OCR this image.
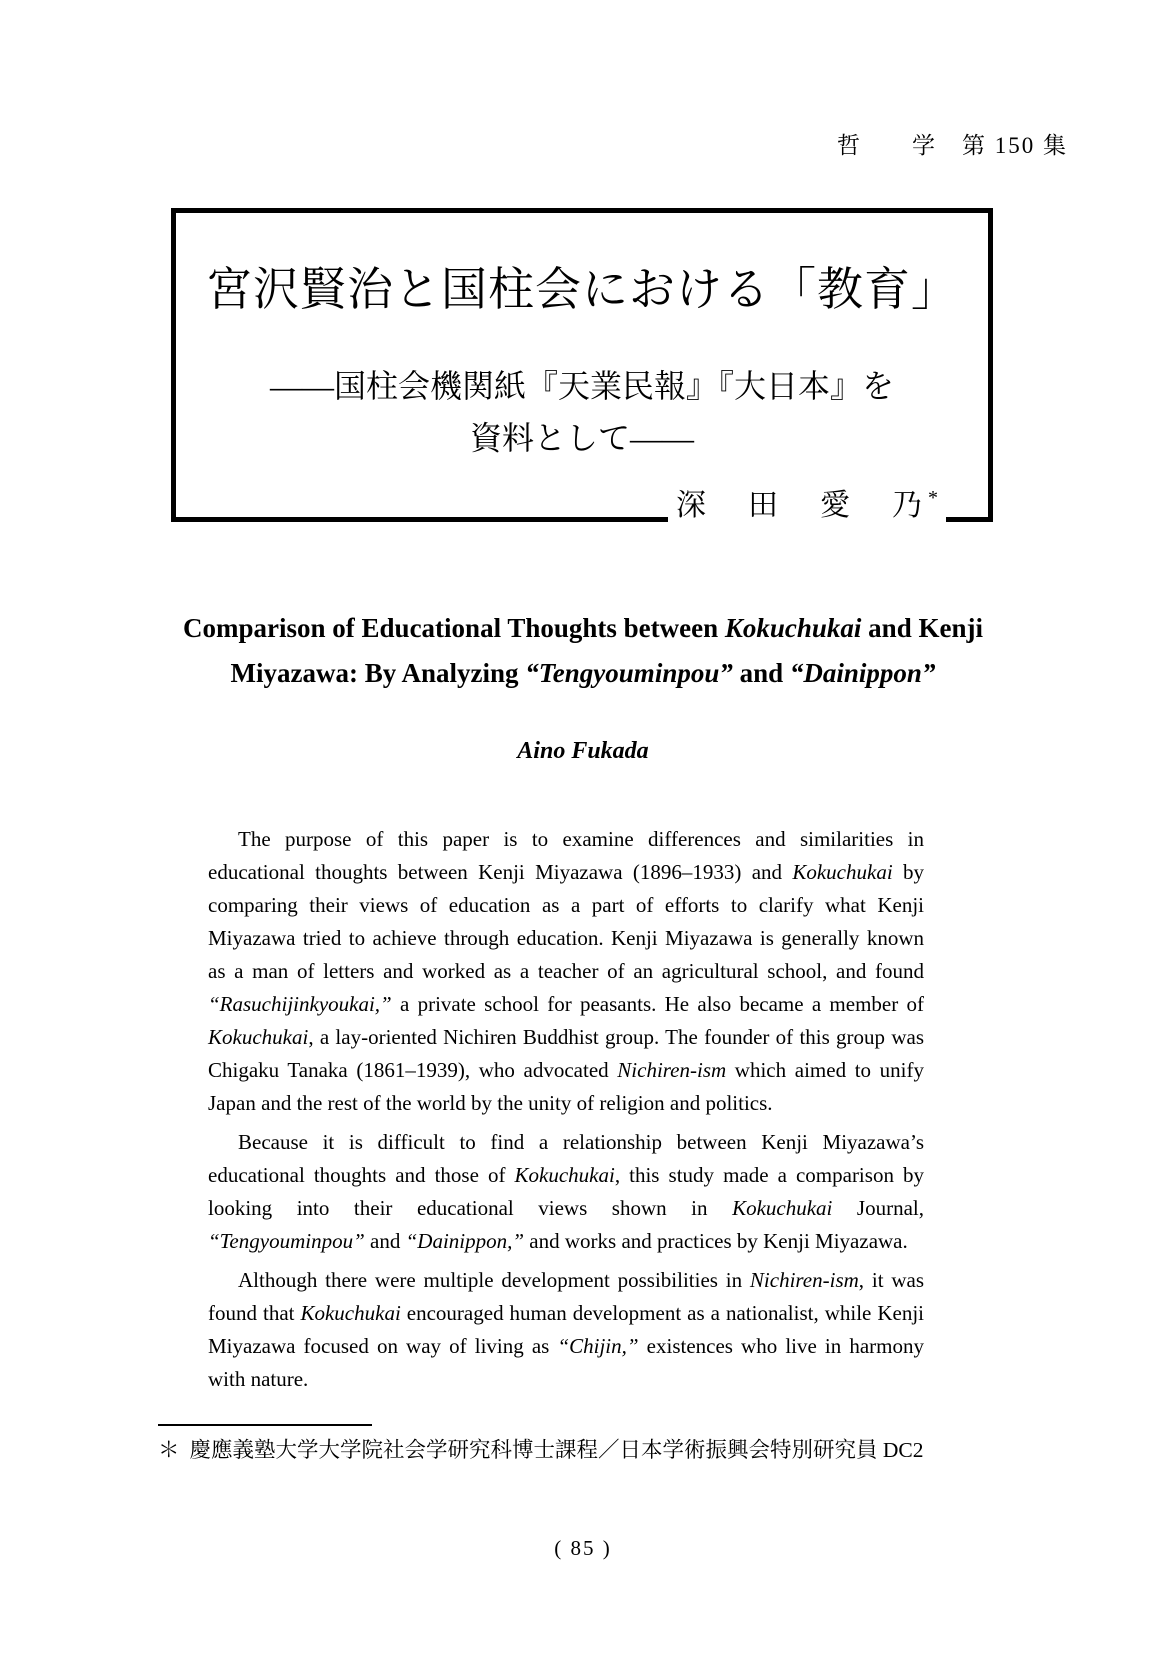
哲　　学　第 150 集
宮沢賢治と国柱会における「教育」
——国柱会機関紙『天業民報』『大日本』を
資料として——
深　田　愛　乃*
Comparison of Educational Thoughts between Kokuchukai and Kenji
Miyazawa: By Analyzing “Tengyouminpou” and “Dainippon”
Aino Fukada

The purpose of this paper is to examine differences and similarities in educational thoughts between Kenji Miyazawa (1896–1933) and Kokuchukai by comparing their views of education as a part of efforts to clarify what Kenji Miyazawa tried to achieve through education. Kenji Miyazawa is generally known as a man of letters and worked as a teacher of an agricultural school, and found “Rasuchijinkyoukai,” a private school for peasants. He also became a member of Kokuchukai, a lay-oriented Nichiren Buddhist group. The founder of this group was Chigaku Tanaka (1861–1939), who advocated Nichiren-ism which aimed to unify Japan and the rest of the world by the unity of religion and politics.

Because it is difficult to find a relationship between Kenji Miyazawa’s educational thoughts and those of Kokuchukai, this study made a comparison by looking into their educational views shown in Kokuchukai Journal, “Tengyouminpou” and “Dainippon,” and works and practices by Kenji Miyazawa.

Although there were multiple development possibilities in Nichiren-ism, it was found that Kokuchukai encouraged human development as a nationalist, while Kenji Miyazawa focused on way of living as “Chijin,” existences who live in harmony with nature.

＊ 慶應義塾大学大学院社会学研究科博士課程／日本学術振興会特別研究員 DC2
( 85 )
